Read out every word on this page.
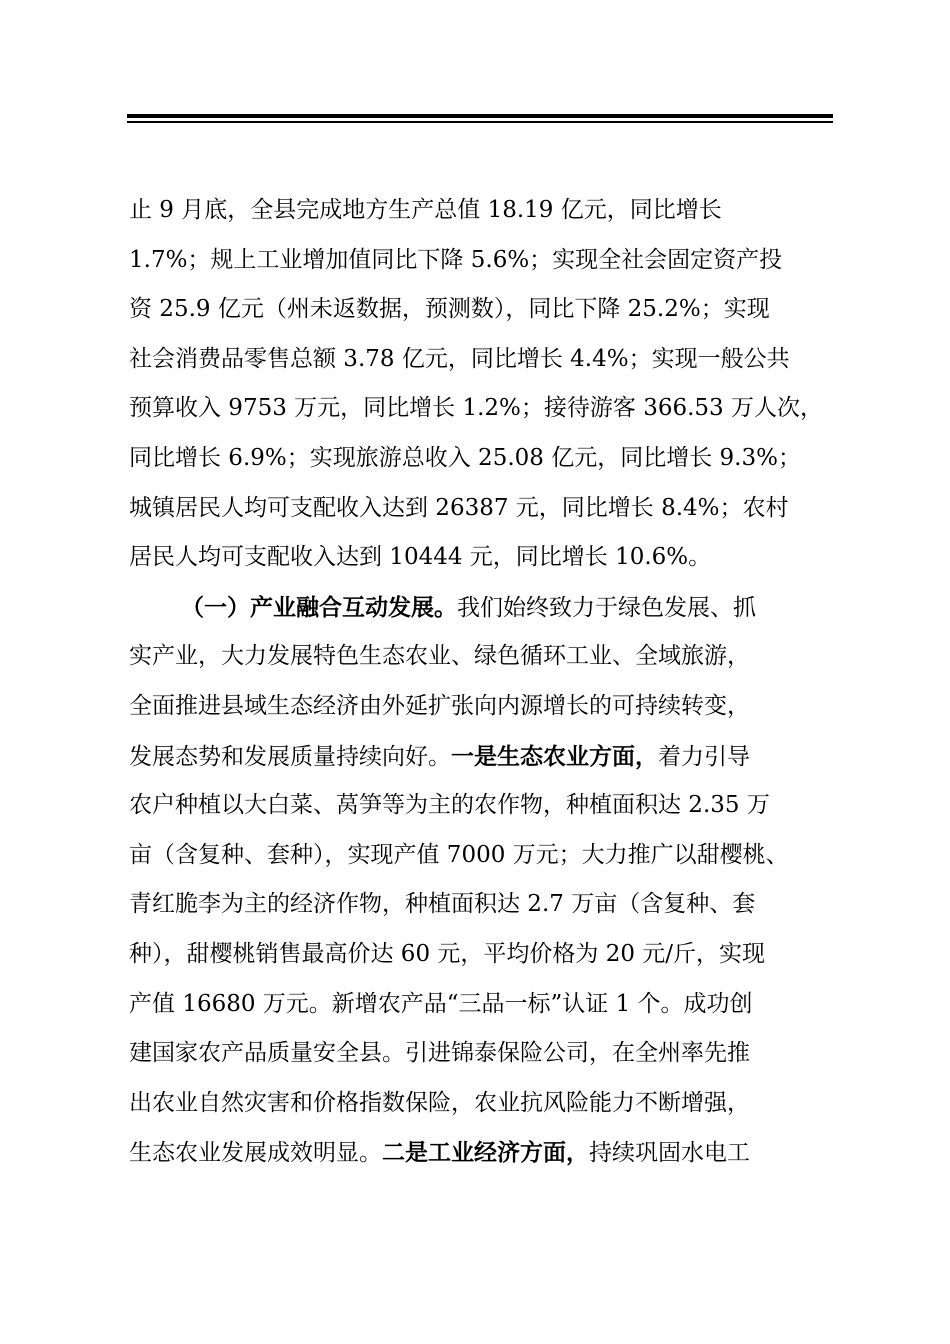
止 9 月底，全县完成地方生产总值 18.19 亿元，同比增长
1.7%；规上工业增加值同比下降 5.6%；实现全社会固定资产投
资 25.9 亿元（州未返数据，预测数），同比下降 25.2%；实现
社会消费品零售总额 3.78 亿元，同比增长 4.4%；实现一般公共
预算收入 9753 万元，同比增长 1.2%；接待游客 366.53 万人次，
同比增长 6.9%；实现旅游总收入 25.08 亿元，同比增长 9.3%；
城镇居民人均可支配收入达到 26387 元，同比增长 8.4%；农村
居民人均可支配收入达到 10444 元，同比增长 10.6%。
（一）产业融合互动发展。我们始终致力于绿色发展、抓
实产业，大力发展特色生态农业、绿色循环工业、全域旅游，
全面推进县域生态经济由外延扩张向内源增长的可持续转变，
发展态势和发展质量持续向好。一是生态农业方面，着力引导
农户种植以大白菜、莴笋等为主的农作物，种植面积达 2.35 万
亩（含复种、套种），实现产值 7000 万元；大力推广以甜樱桃、
青红脆李为主的经济作物，种植面积达 2.7 万亩（含复种、套
种），甜樱桃销售最高价达 60 元，平均价格为 20 元/斤，实现
产值 16680 万元。新增农产品“三品一标”认证 1 个。成功创
建国家农产品质量安全县。引进锦泰保险公司，在全州率先推
出农业自然灾害和价格指数保险，农业抗风险能力不断增强，
生态农业发展成效明显。二是工业经济方面，持续巩固水电工
